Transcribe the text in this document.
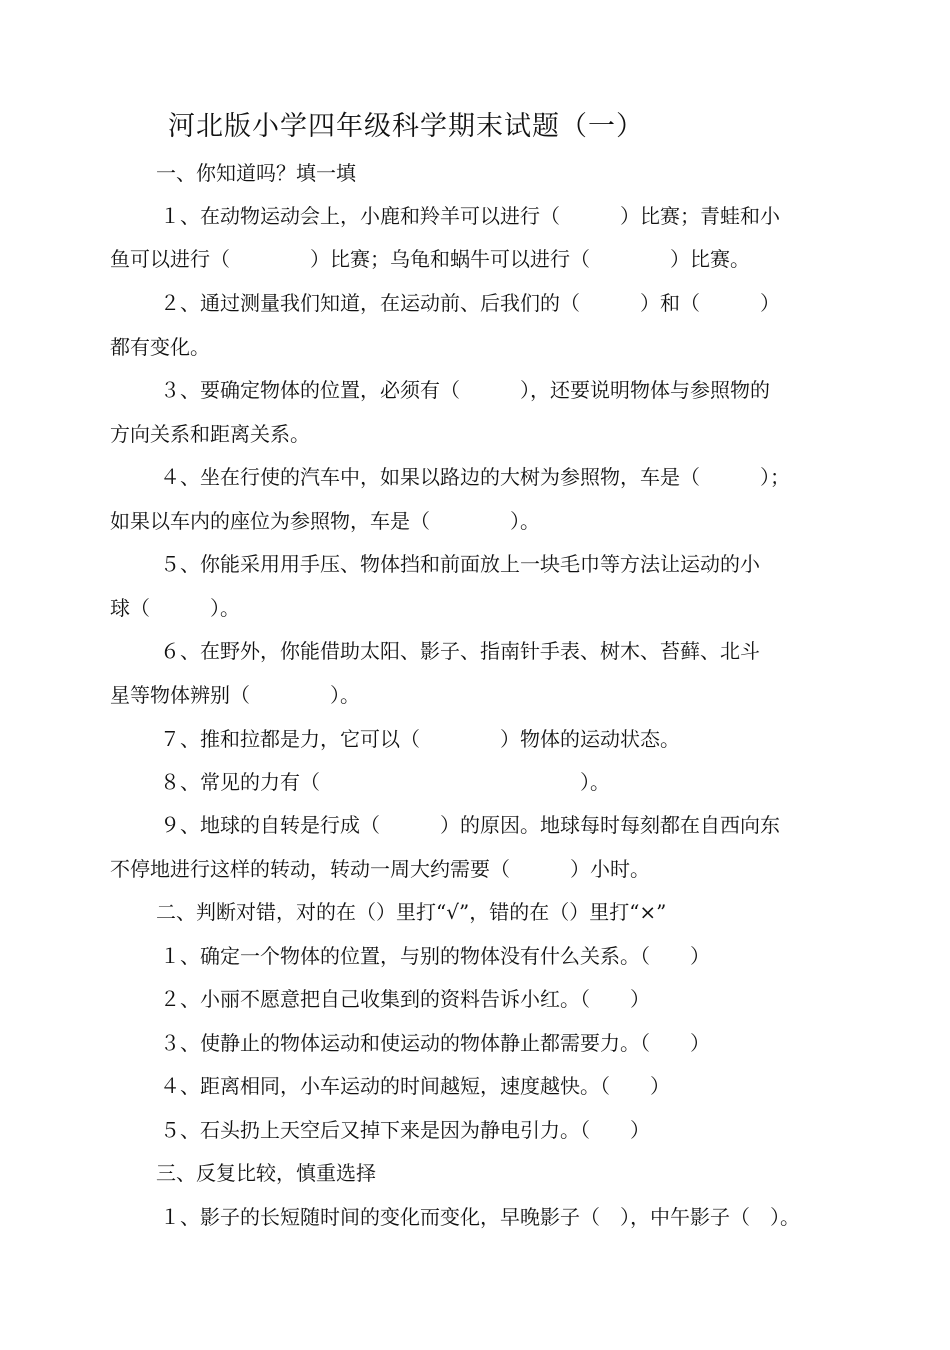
河北版小学四年级科学期末试题（一）
一、你知道吗？填一填
１、在动物运动会上，小鹿和羚羊可以进行（　　　）比赛；青蛙和小
鱼可以进行（　　　　）比赛；乌龟和蜗牛可以进行（　　　　）比赛。
２、通过测量我们知道，在运动前、后我们的（　　　）和（　　　）
都有变化。
３、要确定物体的位置，必须有（　　　），还要说明物体与参照物的
方向关系和距离关系。
４、坐在行使的汽车中，如果以路边的大树为参照物，车是（　　　）；
如果以车内的座位为参照物，车是（　　　　）。
５、你能采用用手压、物体挡和前面放上一块毛巾等方法让运动的小
球（　　　）。
６、在野外，你能借助太阳、影子、指南针手表、树木、苔藓、北斗
星等物体辨别（　　　　）。
７、推和拉都是力，它可以（　　　　）物体的运动状态。
８、常见的力有（　　　　　　　　　　　　　）。
９、地球的自转是行成（　　　）的原因。地球每时每刻都在自西向东
不停地进行这样的转动，转动一周大约需要（　　　）小时。
二、判断对错，对的在（）里打“√”，错的在（）里打“×”
１、确定一个物体的位置，与别的物体没有什么关系。（　　）
２、小丽不愿意把自己收集到的资料告诉小红。（　　）
３、使静止的物体运动和使运动的物体静止都需要力。（　　）
４、距离相同，小车运动的时间越短，速度越快。（　　）
５、石头扔上天空后又掉下来是因为静电引力。（　　）
三、反复比较，慎重选择
１、影子的长短随时间的变化而变化，早晚影子（　），中午影子（　）。
